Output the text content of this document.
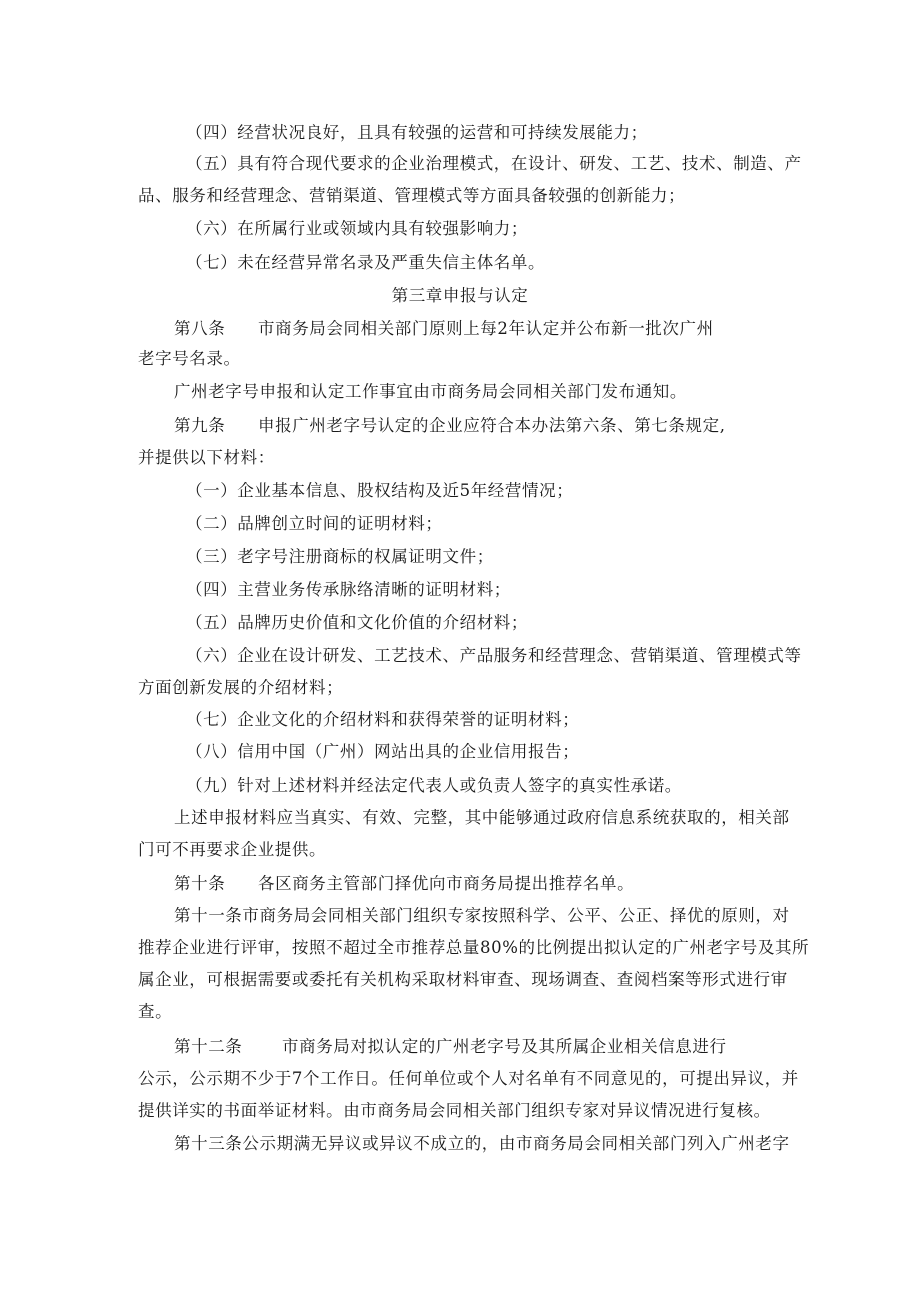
（四）经营状况良好，且具有较强的运营和可持续发展能力；
（五）具有符合现代要求的企业治理模式，在设计、研发、工艺、技术、制造、产
品、服务和经营理念、营销渠道、管理模式等方面具备较强的创新能力；
（六）在所属行业或领域内具有较强影响力；
（七）未在经营异常名录及严重失信主体名单。
第三章申报与认定
第八条 市商务局会同相关部门原则上每2年认定并公布新一批次广州
老字号名录。
广州老字号申报和认定工作事宜由市商务局会同相关部门发布通知。
第九条 申报广州老字号认定的企业应符合本办法第六条、第七条规定,
并提供以下材料：
（一）企业基本信息、股权结构及近5年经营情况；
（二）品牌创立时间的证明材料；
（三）老字号注册商标的权属证明文件；
（四）主营业务传承脉络清晰的证明材料；
（五）品牌历史价值和文化价值的介绍材料；
（六）企业在设计研发、工艺技术、产品服务和经营理念、营销渠道、管理模式等
方面创新发展的介绍材料；
（七）企业文化的介绍材料和获得荣誉的证明材料；
（八）信用中国（广州）网站出具的企业信用报告；
（九）针对上述材料并经法定代表人或负责人签字的真实性承诺。
上述申报材料应当真实、有效、完整，其中能够通过政府信息系统获取的，相关部
门可不再要求企业提供。
第十条 各区商务主管部门择优向市商务局提出推荐名单。
第十一条市商务局会同相关部门组织专家按照科学、公平、公正、择优的原则，对
推荐企业进行评审，按照不超过全市推荐总量80%的比例提出拟认定的广州老字号及其所
属企业，可根据需要或委托有关机构采取材料审查、现场调查、查阅档案等形式进行审
查。
第十二条 市商务局对拟认定的广州老字号及其所属企业相关信息进行
公示，公示期不少于7个工作日。任何单位或个人对名单有不同意见的，可提出异议，并
提供详实的书面举证材料。由市商务局会同相关部门组织专家对异议情况进行复核。
第十三条公示期满无异议或异议不成立的，由市商务局会同相关部门列入广州老字
